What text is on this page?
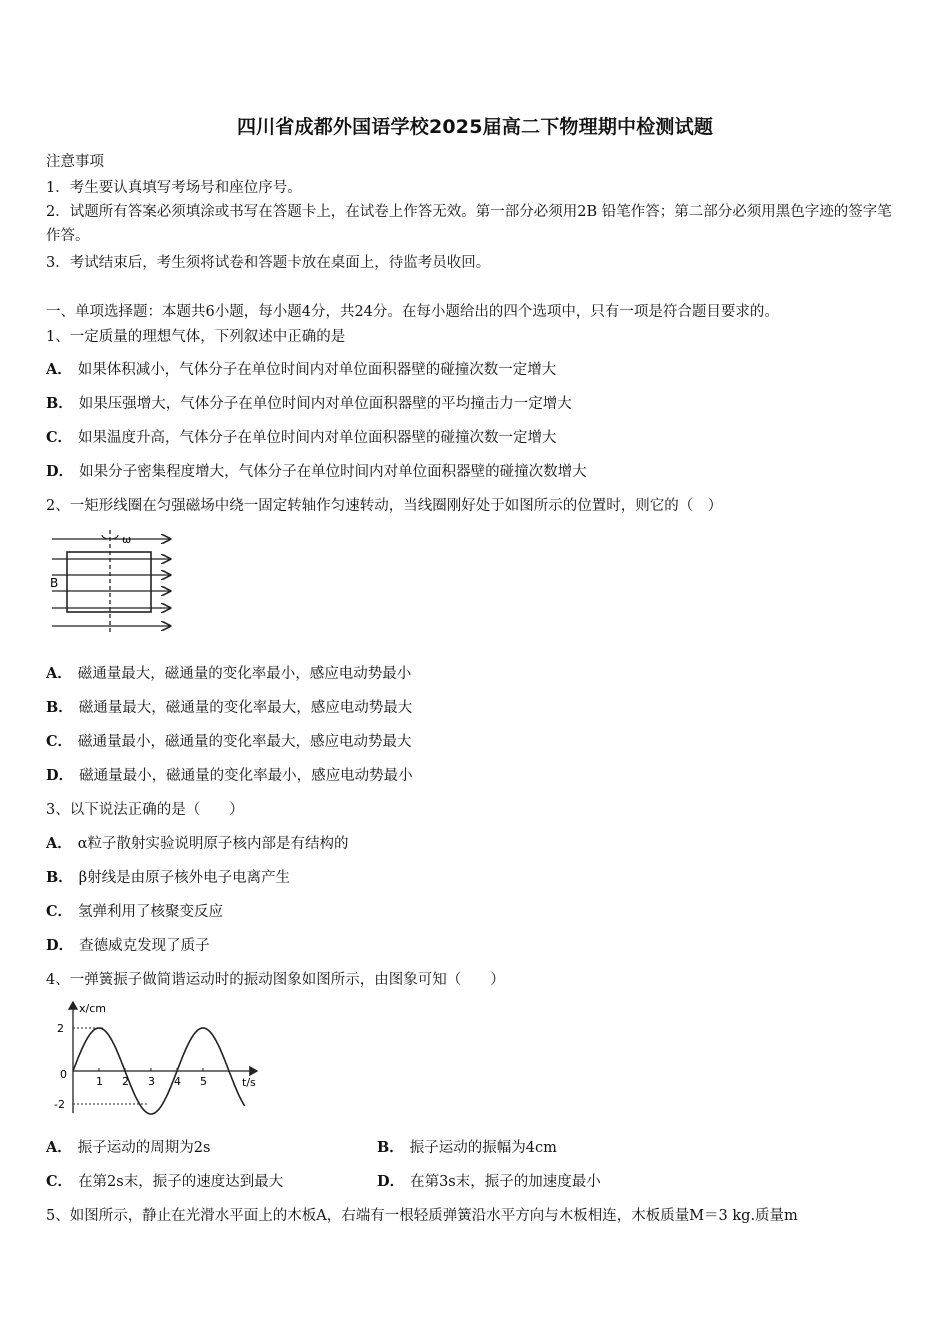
四川省成都外国语学校2025届高二下物理期中检测试题
注意事项
1．考生要认真填写考场号和座位序号。
2．试题所有答案必须填涂或书写在答题卡上，在试卷上作答无效。第一部分必须用2B 铅笔作答；第二部分必须用黑色字迹的签字笔作答。
3．考试结束后，考生须将试卷和答题卡放在桌面上，待监考员收回。
一、单项选择题：本题共6小题，每小题4分，共24分。在每小题给出的四个选项中，只有一项是符合题目要求的。
1、一定质量的理想气体，下列叙述中正确的是
A． 如果体积减小，气体分子在单位时间内对单位面积器壁的碰撞次数一定增大
B． 如果压强增大，气体分子在单位时间内对单位面积器壁的平均撞击力一定增大
C． 如果温度升高，气体分子在单位时间内对单位面积器壁的碰撞次数一定增大
D． 如果分子密集程度增大，气体分子在单位时间内对单位面积器壁的碰撞次数增大
2、一矩形线圈在匀强磁场中绕一固定转轴作匀速转动，当线圈刚好处于如图所示的位置时，则它的（　）
B
ω
A． 磁通量最大，磁通量的变化率最小，感应电动势最小
B． 磁通量最大，磁通量的变化率最大，感应电动势最大
C． 磁通量最小，磁通量的变化率最大，感应电动势最大
D． 磁通量最小，磁通量的变化率最小，感应电动势最小
3、以下说法正确的是（　　）
A． α粒子散射实验说明原子核内部是有结构的
B． β射线是由原子核外电子电离产生
C． 氢弹利用了核聚变反应
D． 查德威克发现了质子
4、一弹簧振子做简谐运动时的振动图象如图所示，由图象可知（　　）
1 2 3 4 5
x/cm
t/s
2
0
-2
A． 振子运动的周期为2s	B． 振子运动的振幅为4cm
C． 在第2s末，振子的速度达到最大	D． 在第3s末，振子的加速度最小
5、如图所示，静止在光滑水平面上的木板A，右端有一根轻质弹簧沿水平方向与木板相连，木板质量M＝3 kg.质量m
